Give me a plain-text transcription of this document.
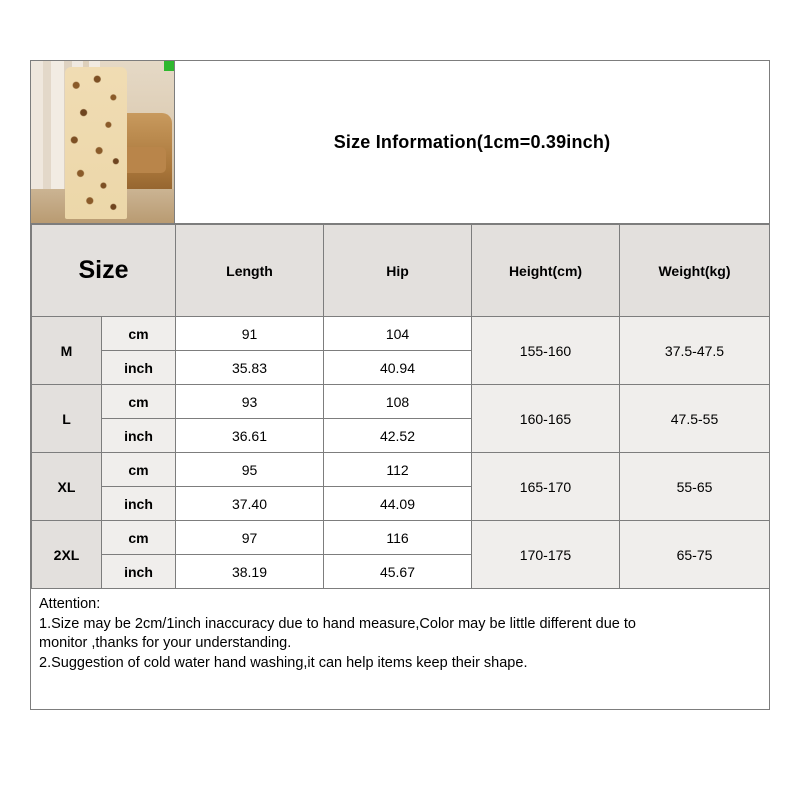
Size Information(1cm=0.39inch)
Size		Length	Hip	Height(cm)	Weight(kg)
M	cm	91	104	155-160	37.5-47.5
	inch	35.83	40.94		
L	cm	93	108	160-165	47.5-55
	inch	36.61	42.52		
XL	cm	95	112	165-170	55-65
	inch	37.40	44.09		
2XL	cm	97	116	170-175	65-75
	inch	38.19	45.67		
Attention:
1.Size may be 2cm/1inch inaccuracy due to hand measure,Color may be little different due to
monitor ,thanks for your understanding.
2.Suggestion of cold water hand washing,it can help items keep their shape.
